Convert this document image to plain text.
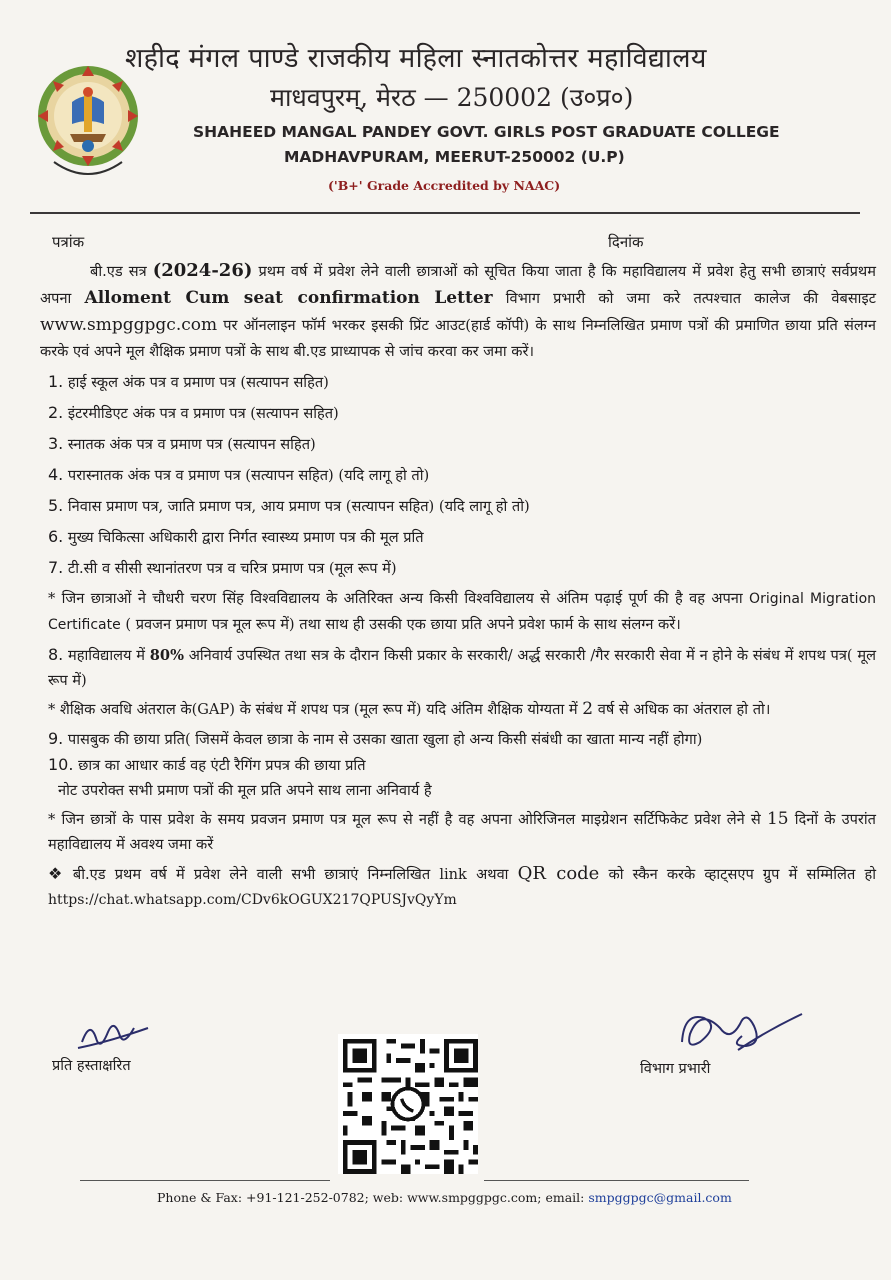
शहीद मंगल पाण्डे राजकीय महिला स्नातकोत्तर महाविद्यालय
माधवपुरम्, मेरठ — 250002 (उ०प्र०)
SHAHEED MANGAL PANDEY GOVT. GIRLS POST GRADUATE COLLEGE
MADHAVPURAM, MEERUT-250002 (U.P)
('B+' Grade Accredited by NAAC)
पत्रांक	दिनांक

बी.एड सत्र (2024-26) प्रथम वर्ष में प्रवेश लेने वाली छात्राओं को सूचित किया जाता है कि महाविद्यालय में प्रवेश हेतु सभी छात्राएं सर्वप्रथम अपना Alloment Cum seat confirmation Letter विभाग प्रभारी को जमा करे तत्पश्चात कालेज की वेबसाइट www.smpggpgc.com पर ऑनलाइन फॉर्म भरकर इसकी प्रिंट आउट(हार्ड कॉपी) के साथ निम्नलिखित प्रमाण पत्रों की प्रमाणित छाया प्रति संलग्न करके एवं अपने मूल शैक्षिक प्रमाण पत्रों के साथ बी.एड प्राध्यापक से जांच करवा कर जमा करें।

1. हाई स्कूल अंक पत्र व प्रमाण पत्र (सत्यापन सहित)
2. इंटरमीडिएट अंक पत्र व प्रमाण पत्र (सत्यापन सहित)
3. स्नातक अंक पत्र व प्रमाण पत्र (सत्यापन सहित)
4. परास्नातक अंक पत्र व प्रमाण पत्र (सत्यापन सहित) (यदि लागू हो तो)
5. निवास प्रमाण पत्र, जाति प्रमाण पत्र, आय प्रमाण पत्र (सत्यापन सहित) (यदि लागू हो तो)
6. मुख्य चिकित्सा अधिकारी द्वारा निर्गत स्वास्थ्य प्रमाण पत्र की मूल प्रति
7. टी.सी व सीसी स्थानांतरण पत्र व चरित्र प्रमाण पत्र (मूल रूप में)
* जिन छात्राओं ने चौधरी चरण सिंह विश्वविद्यालय के अतिरिक्त अन्य किसी विश्वविद्यालय से अंतिम पढ़ाई पूर्ण की है वह अपना Original Migration Certificate ( प्रवजन प्रमाण पत्र मूल रूप में) तथा साथ ही उसकी एक छाया प्रति अपने प्रवेश फार्म के साथ संलग्न करें।
8. महाविद्यालय में 80% अनिवार्य उपस्थित तथा सत्र के दौरान किसी प्रकार के सरकारी/ अर्द्ध सरकारी /गैर सरकारी सेवा में न होने के संबंध में शपथ पत्र( मूल रूप में)
* शैक्षिक अवधि अंतराल के(GAP) के संबंध में शपथ पत्र (मूल रूप में) यदि अंतिम शैक्षिक योग्यता में 2 वर्ष से अधिक का अंतराल हो तो।
9. पासबुक की छाया प्रति( जिसमें केवल छात्रा के नाम से उसका खाता खुला हो अन्य किसी संबंधी का खाता मान्य नहीं होगा)
10. छात्र का आधार कार्ड वह एंटी रैगिंग प्रपत्र की छाया प्रति
नोट उपरोक्त सभी प्रमाण पत्रों की मूल प्रति अपने साथ लाना अनिवार्य है
* जिन छात्रों के पास प्रवेश के समय प्रवजन प्रमाण पत्र मूल रूप से नहीं है वह अपना ओरिजिनल माइग्रेशन सर्टिफिकेट प्रवेश लेने से 15 दिनों के उपरांत महाविद्यालय में अवश्य जमा करें
❖ बी.एड प्रथम वर्ष में प्रवेश लेने वाली सभी छात्राएं निम्नलिखित link अथवा QR code को स्कैन करके व्हाट्सएप ग्रुप में सम्मिलित हो https://chat.whatsapp.com/CDv6kOGUX217QPUSJvQyYm
प्रति हस्ताक्षरित	विभाग प्रभारी
Phone & Fax: +91-121-252-0782; web: www.smpggpgc.com; email: smpggpgc@gmail.com
